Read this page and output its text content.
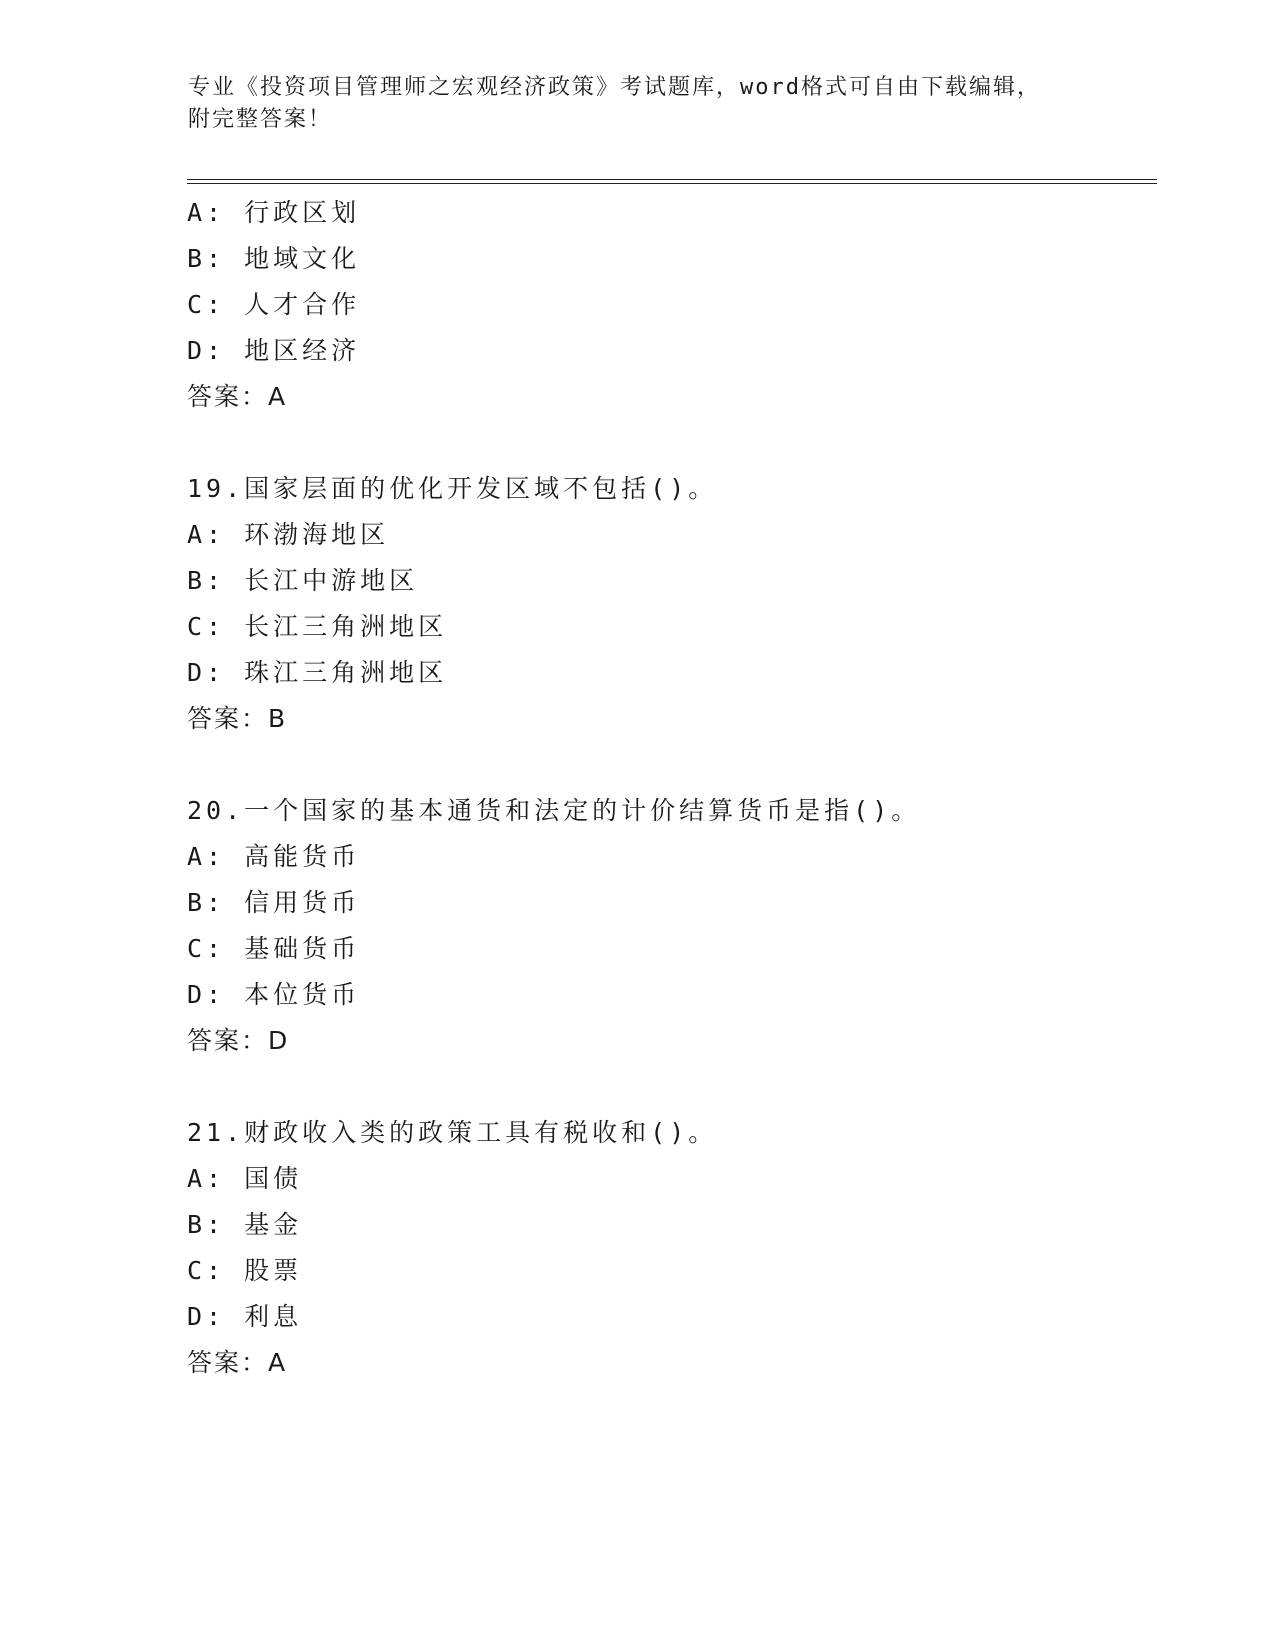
专业《投资项目管理师之宏观经济政策》考试题库，word格式可自由下载编辑，
附完整答案！
A: 行政区划
B: 地域文化
C: 人才合作
D: 地区经济
答案：A
19.国家层面的优化开发区域不包括()。
A: 环渤海地区
B: 长江中游地区
C: 长江三角洲地区
D: 珠江三角洲地区
答案：B
20.一个国家的基本通货和法定的计价结算货币是指()。
A: 高能货币
B: 信用货币
C: 基础货币
D: 本位货币
答案：D
21.财政收入类的政策工具有税收和()。
A: 国债
B: 基金
C: 股票
D: 利息
答案：A
